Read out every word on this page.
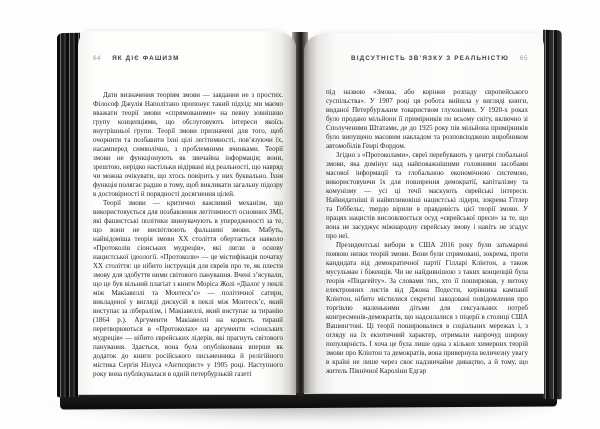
64 ЯК ДІЄ ФАШИЗМ

Дати визначення теоріям змови — завдання не з простих. Філософ Джулія Наполітано пропонує такий підхід: ми маємо вважати теорії змови «спрямованими» на певну зовнішню групу концепціями, що обслуговують інтереси якоїсь внутрішньої групи. Теорії змови призначені для того, щоб очорнити та позбавити їхні цілі легітимності, пов’язуючи їх, насамперед символічно, з проблемними вчинками. Теорії змови не функціонують як звичайна інформація; вони, зрештою, нерідко настільки відірвані від реальності, що навряд чи можна очікувати, що хтось повірить у них буквально. Їхня функція полягає радше в тому, щоб викликати загальну підозру в достовірності й порядності досягнення цілей.

Теорії змови — критично важливий механізм, що використовується для позбавлення легітимності основних ЗМІ, які фашистські політики звинувачують в упередженості за те, що вони не висвітлюють фальшиві змови. Мабуть, найвідоміша теорія змови XX століття обертається навколо «Протоколів сіонських мудреців», які лягли в основу нацистської ідеології. «Протоколи» — це містифікація початку XX століття: це нібито інструкція для євреїв про те, як плести змову для здобуття ними світового панування. Вчені з’ясували, що це був вільний плагіат з книги Моріса Жолі «Діалог у пеклі між Макіавеллі та Монтеск’є» — політичної сатири, викладеної у вигляді дискусій в пеклі між Монтеск’є, який виступає за лібералізм, і Макіавеллі, який виступає за тиранію (1864 р.). Аргументи Макіавеллі на користь тиранії перетворюються в «Протоколах» на аргументи «сіонських мудреців» — нібито єврейських лідерів, які прагнуть світового панування. Здається, вона була опублікована вперше як додаток до книги російського письменника й релігійного містика Сергія Нілуса «Антихрист» у 1905 році. Наступного року вона публікувалася в одній петербурзькій газеті

ВІДСУТНІСТЬ ЗВ’ЯЗКУ З РЕАЛЬНІСТЮ 65

під назвою «Змова, або коріння розпаду європейського суспільства». У 1907 році ця робота вийшла у вигляді книги, виданої Петербурзьким товариством глухонімих. У 1920-х роках було продано мільйони її примірників по всьому світу, включно зі Сполученими Штатами, де до 1925 року пів мільйона примірників було випущено масовим накладом та розповсюджено виробником автомобілів Генрі Фордом.

Згідно з «Протоколами», євреї перебувають у центрі глобальної змови, яка домінує над найповажнішими головними засобами масової інформації та глобальною економічною системою, використовуючи їх для поширення демократії, капіталізму та комунізму — усі ці течії маскують єврейські інтереси. Найвидатніші й найвпливовіші нацистські лідери, зокрема Гітлер та Геббельс, твердо вірили в правдивість цієї теорії змови. У працях нацистів висловлюється осуд «єврейської преси» за те, що вона не засуджує міжнародну єврейську змову і навіть не згадує про неї.

Президентські вибори в США 2016 року були затьмарені появою низки теорій змови. Вони були спрямовані, зокрема, проти кандидата від демократичної партії Гілларі Клінтон, а також мусульман і біженців. Чи не найдивнішою з таких концепцій була теорія «Піцагейту». За словами тих, хто її поширював, у витоку електронних листів від Джона Подести, керівника кампанії Клінтон, нібито містилися секретні закодовані повідомлення про торгівлю маленькими дітьми для сексуальних потреб конгресменів-демократів, що надсилалися з піцерії в столиці США Вашингтоні. Ці теорії поширювалися в соціальних мережах і, з огляду на їх екзотичний характер, отримали напрочуд широку популярність. І хоча це була лише одна з кількох химерних теорій змови про Клінтон та демократів, вона привернула величезну увагу в країні не лише через своє надзвичайне дивацтво, а й тому, що житель Північної Кароліни Едгар
